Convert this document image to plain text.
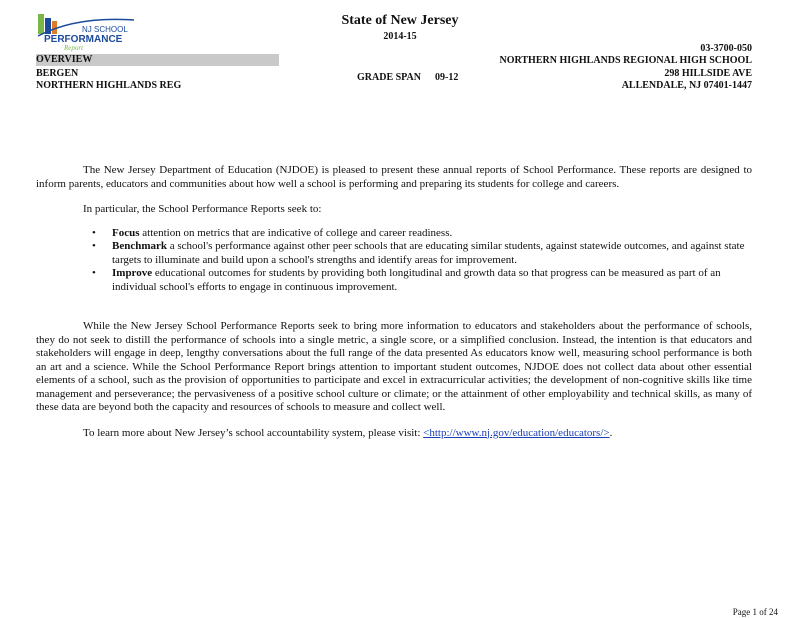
NJ SCHOOL
PERFORMANCE
Report
State of New Jersey
2014-15
OVERVIEW
BERGEN
NORTHERN HIGHLANDS REG
GRADE SPAN 09-12
03-3700-050
NORTHERN HIGHLANDS REGIONAL HIGH SCHOOL
298 HILLSIDE AVE
ALLENDALE, NJ 07401-1447

The New Jersey Department of Education (NJDOE) is pleased to present these annual reports of School Performance. These reports are designed to inform parents, educators and communities about how well a school is performing and preparing its students for college and careers.

In particular, the School Performance Reports seek to:

• Focus attention on metrics that are indicative of college and career readiness.
• Benchmark a school's performance against other peer schools that are educating similar students, against statewide outcomes, and against state targets to illuminate and build upon a school's strengths and identify areas for improvement.
• Improve educational outcomes for students by providing both longitudinal and growth data so that progress can be measured as part of an individual school's efforts to engage in continuous improvement.

While the New Jersey School Performance Reports seek to bring more information to educators and stakeholders about the performance of schools, they do not seek to distill the performance of schools into a single metric, a single score, or a simplified conclusion. Instead, the intention is that educators and stakeholders will engage in deep, lengthy conversations about the full range of the data presented As educators know well, measuring school performance is both an art and a science. While the School Performance Report brings attention to important student outcomes, NJDOE does not collect data about other essential elements of a school, such as the provision of opportunities to participate and excel in extracurricular activities; the development of non-cognitive skills like time management and perseverance; the pervasiveness of a positive school culture or climate; or the attainment of other employability and technical skills, as many of these data are beyond both the capacity and resources of schools to measure and collect well.

To learn more about New Jersey’s school accountability system, please visit: <http://www.nj.gov/education/educators/>.

Page 1 of 24
